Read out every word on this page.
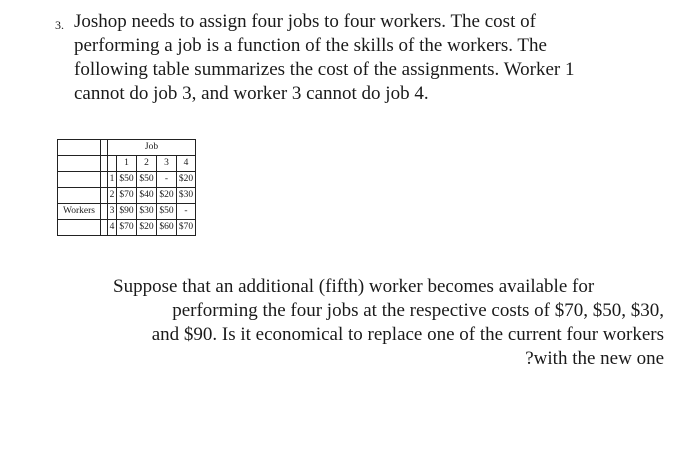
3. Joshop needs to assign four jobs to four workers. The cost of
performing a job is a function of the skills of the workers. The
following table summarizes the cost of the assignments. Worker 1
cannot do job 3, and worker 3 cannot do job 4.
		Job				
			1	2	3	4
		1	$50	$50	-	$20
		2	$70	$40	$20	$30
Workers		3	$90	$30	$50	-
		4	$70	$20	$60	$70
Suppose that an additional (fifth) worker becomes available for
performing the four jobs at the respective costs of $70, $50, $30,
and $90. Is it economical to replace one of the current four workers
?with the new one
